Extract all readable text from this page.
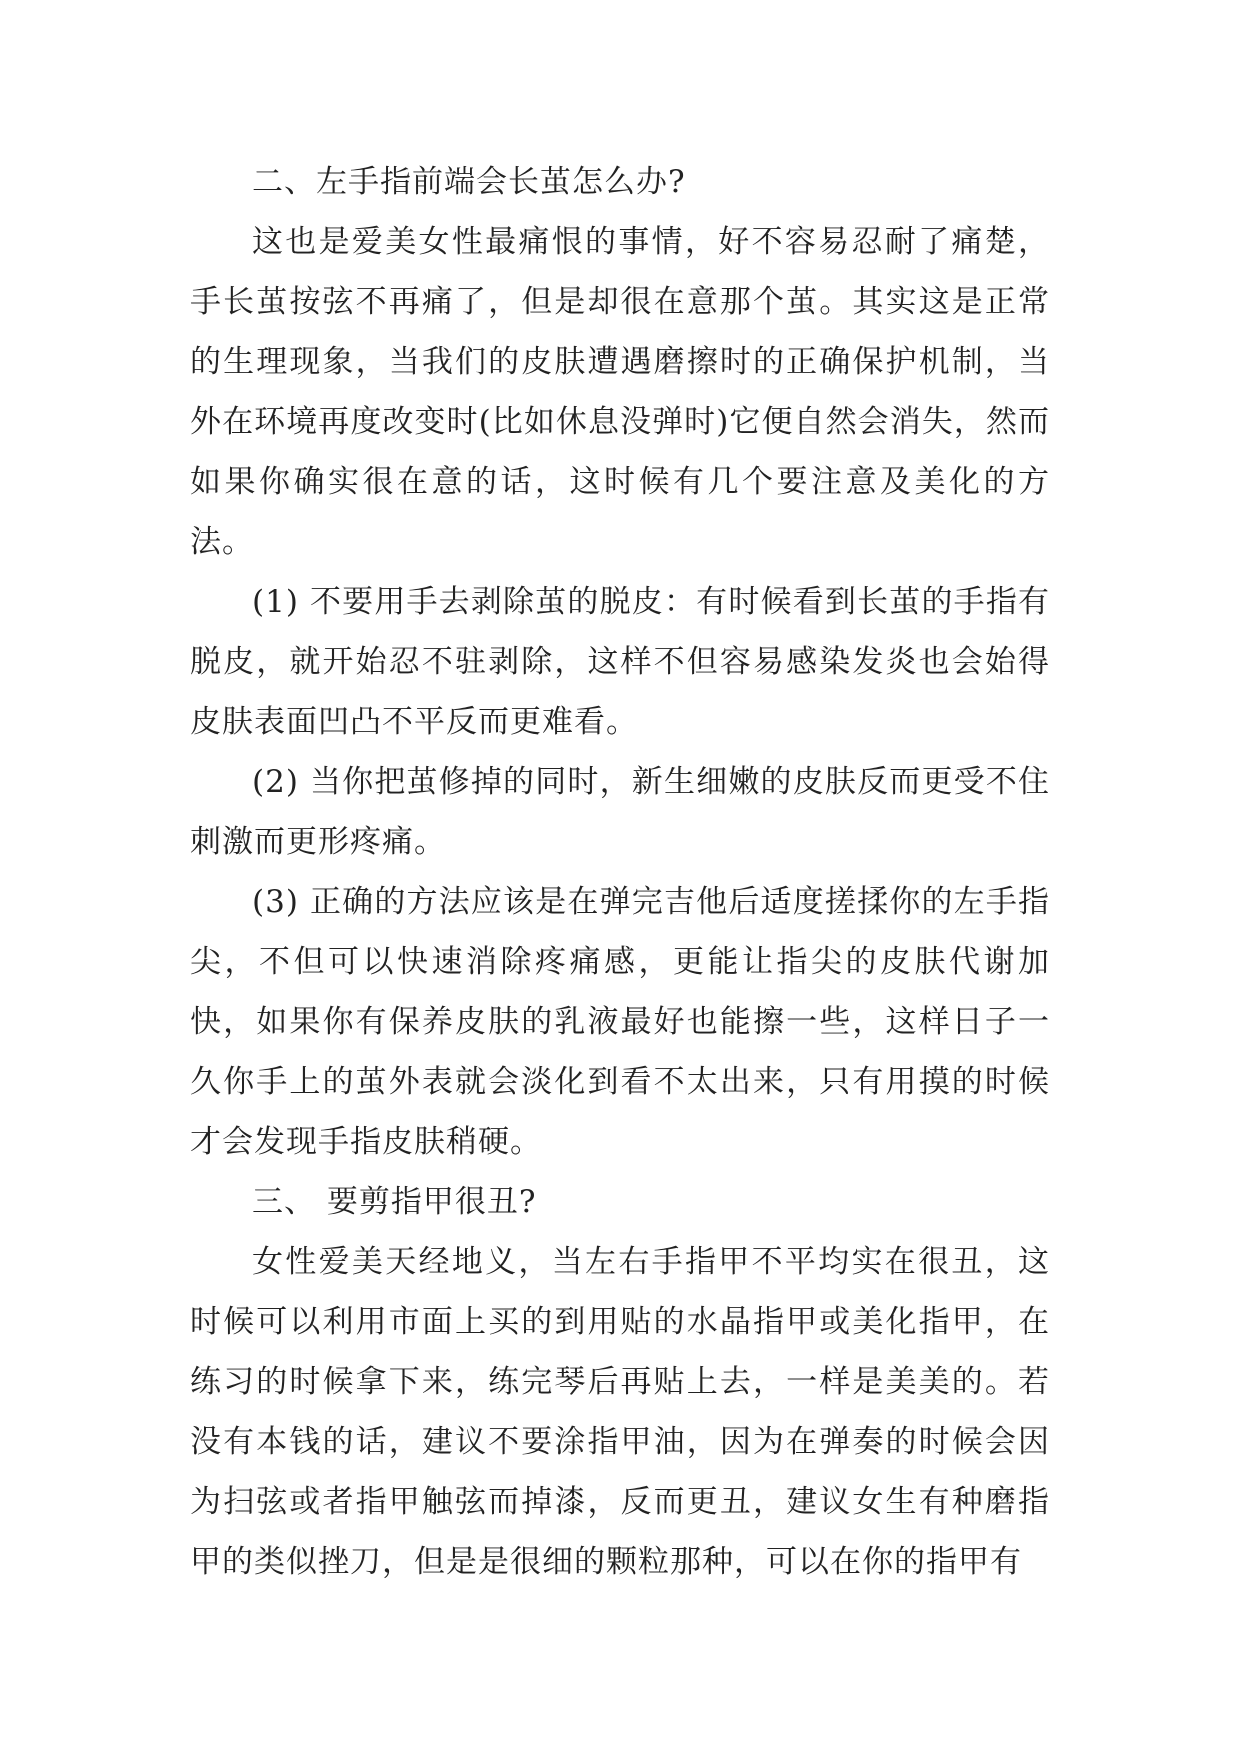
二、左手指前端会长茧怎么办?

这也是爱美女性最痛恨的事情，好不容易忍耐了痛楚，手长茧按弦不再痛了，但是却很在意那个茧。其实这是正常的生理现象，当我们的皮肤遭遇磨擦时的正确保护机制，当外在环境再度改变时(比如休息没弹时)它便自然会消失，然而如果你确实很在意的话，这时候有几个要注意及美化的方法。

(1) 不要用手去剥除茧的脱皮：有时候看到长茧的手指有脱皮，就开始忍不驻剥除，这样不但容易感染发炎也会始得皮肤表面凹凸不平反而更难看。

(2) 当你把茧修掉的同时，新生细嫩的皮肤反而更受不住刺激而更形疼痛。

(3) 正确的方法应该是在弹完吉他后适度搓揉你的左手指尖，不但可以快速消除疼痛感，更能让指尖的皮肤代谢加快，如果你有保养皮肤的乳液最好也能擦一些，这样日子一久你手上的茧外表就会淡化到看不太出来，只有用摸的时候才会发现手指皮肤稍硬。

三、 要剪指甲很丑?

女性爱美天经地义，当左右手指甲不平均实在很丑，这时候可以利用市面上买的到用贴的水晶指甲或美化指甲，在练习的时候拿下来，练完琴后再贴上去，一样是美美的。若没有本钱的话，建议不要涂指甲油，因为在弹奏的时候会因为扫弦或者指甲触弦而掉漆，反而更丑，建议女生有种磨指甲的类似挫刀，但是是很细的颗粒那种，可以在你的指甲有
